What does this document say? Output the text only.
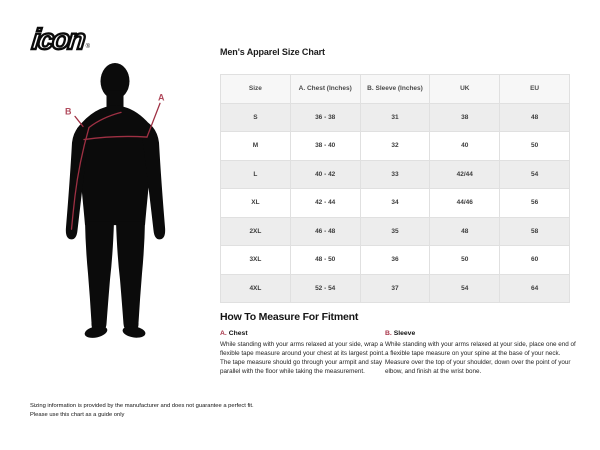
icon ®
A
B
Men's Apparel Size Chart
Size	A. Chest (Inches)	B. Sleeve (Inches)	UK	EU
S	36 - 38	31	38	48
M	38 - 40	32	40	50
L	40 - 42	33	42/44	54
XL	42 - 44	34	44/46	56
2XL	46 - 48	35	48	58
3XL	48 - 50	36	50	60
4XL	52 - 54	37	54	64
How To Measure For Fitment
A. Chest

While standing with your arms relaxed at your side, wrap a flexible tape measure around your chest at its largest point. The tape measure should go through your armpit and stay parallel with the floor while taking the measurement.

B. Sleeve

While standing with your arms relaxed at your side, place one end of a flexible tape measure on your spine at the base of your neck. Measure over the top of your shoulder, down over the point of your elbow, and finish at the wrist bone.

Sizing information is provided by the manufacturer and does not guarantee a perfect fit.
Please use this chart as a guide only
